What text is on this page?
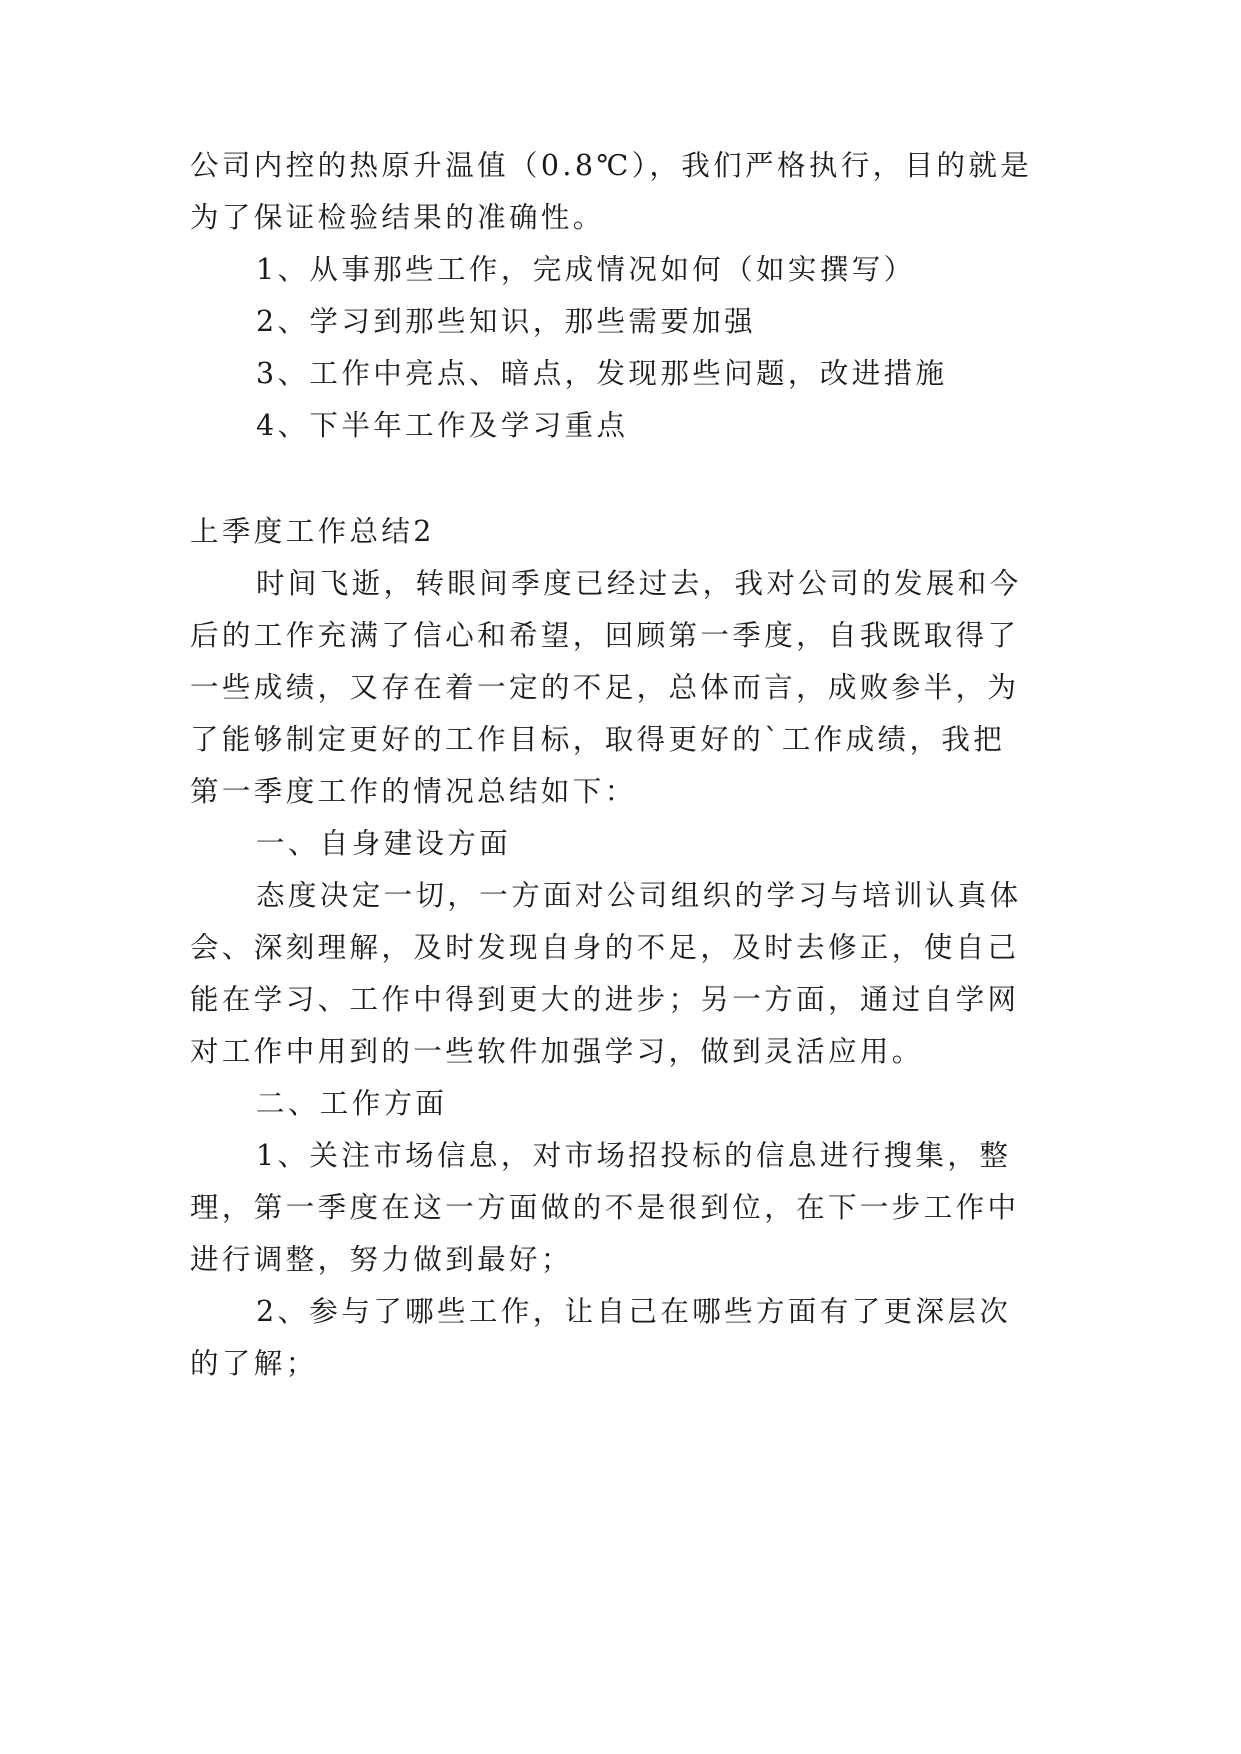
公司内控的热原升温值（0.8℃），我们严格执行，目的就是

为了保证检验结果的准确性。

1、从事那些工作，完成情况如何（如实撰写）

2、学习到那些知识，那些需要加强

3、工作中亮点、暗点，发现那些问题，改进措施

4、下半年工作及学习重点

上季度工作总结2

时间飞逝，转眼间季度已经过去，我对公司的发展和今

后的工作充满了信心和希望，回顾第一季度，自我既取得了

一些成绩，又存在着一定的不足，总体而言，成败参半，为

了能够制定更好的工作目标，取得更好的`工作成绩，我把

第一季度工作的情况总结如下：

一、自身建设方面

态度决定一切，一方面对公司组织的学习与培训认真体

会、深刻理解，及时发现自身的不足，及时去修正，使自己

能在学习、工作中得到更大的进步；另一方面，通过自学网

对工作中用到的一些软件加强学习，做到灵活应用。

二、工作方面

1、关注市场信息，对市场招投标的信息进行搜集，整

理，第一季度在这一方面做的不是很到位，在下一步工作中

进行调整，努力做到最好；

2、参与了哪些工作，让自己在哪些方面有了更深层次

的了解；
